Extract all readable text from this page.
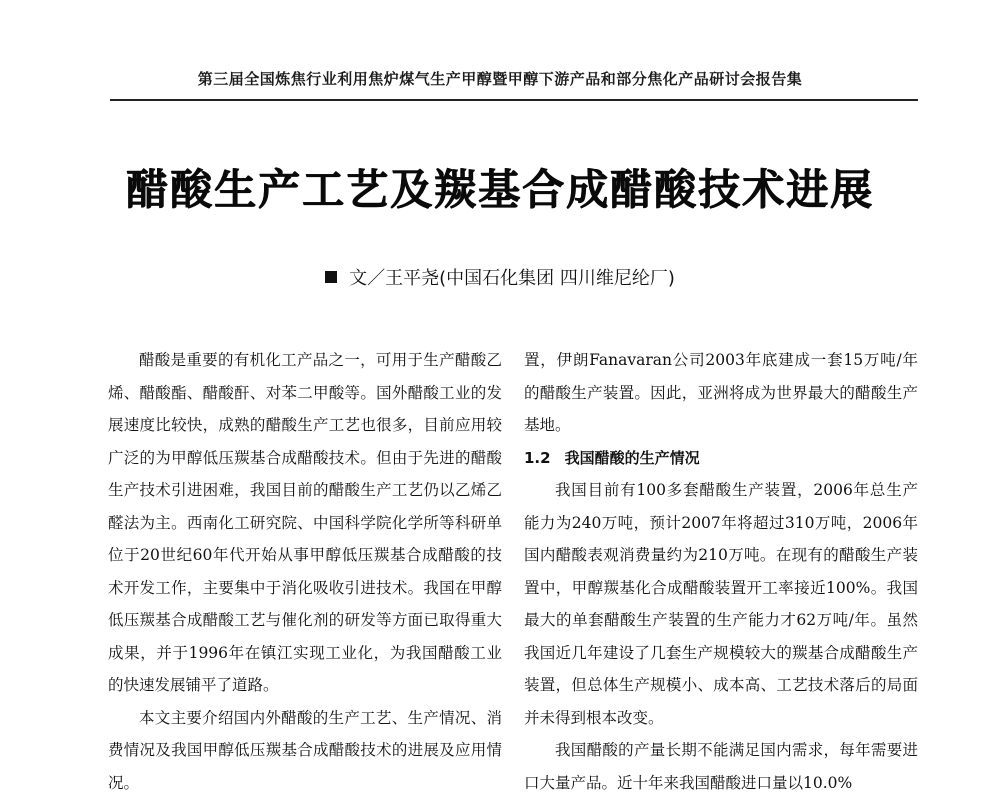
第三届全国炼焦行业利用焦炉煤气生产甲醇暨甲醇下游产品和部分焦化产品研讨会报告集
醋酸生产工艺及羰基合成醋酸技术进展
文／王平尧(中国石化集团 四川维尼纶厂)

醋酸是重要的有机化工产品之一，可用于生产醋酸乙烯、醋酸酯、醋酸酐、对苯二甲酸等。国外醋酸工业的发展速度比较快，成熟的醋酸生产工艺也很多，目前应用较广泛的为甲醇低压羰基合成醋酸技术。但由于先进的醋酸生产技术引进困难，我国目前的醋酸生产工艺仍以乙烯乙醛法为主。西南化工研究院、中国科学院化学所等科研单位于20世纪60年代开始从事甲醇低压羰基合成醋酸的技术开发工作，主要集中于消化吸收引进技术。我国在甲醇低压羰基合成醋酸工艺与催化剂的研发等方面已取得重大成果，并于1996年在镇江实现工业化，为我国醋酸工业的快速发展铺平了道路。

本文主要介绍国内外醋酸的生产工艺、生产情况、消费情况及我国甲醇低压羰基合成醋酸技术的进展及应用情况。

置，伊朗Fanavaran公司2003年底建成一套15万吨/年的醋酸生产装置。因此，亚洲将成为世界最大的醋酸生产基地。

1.2 我国醋酸的生产情况

我国目前有100多套醋酸生产装置，2006年总生产能力为240万吨，预计2007年将超过310万吨，2006年国内醋酸表观消费量约为210万吨。在现有的醋酸生产装置中，甲醇羰基化合成醋酸装置开工率接近100%。我国最大的单套醋酸生产装置的生产能力才62万吨/年。虽然我国近几年建设了几套生产规模较大的羰基合成醋酸生产装置，但总体生产规模小、成本高、工艺技术落后的局面并未得到根本改变。

我国醋酸的产量长期不能满足国内需求，每年需要进口大量产品。近十年来我国醋酸进口量以10.0%
